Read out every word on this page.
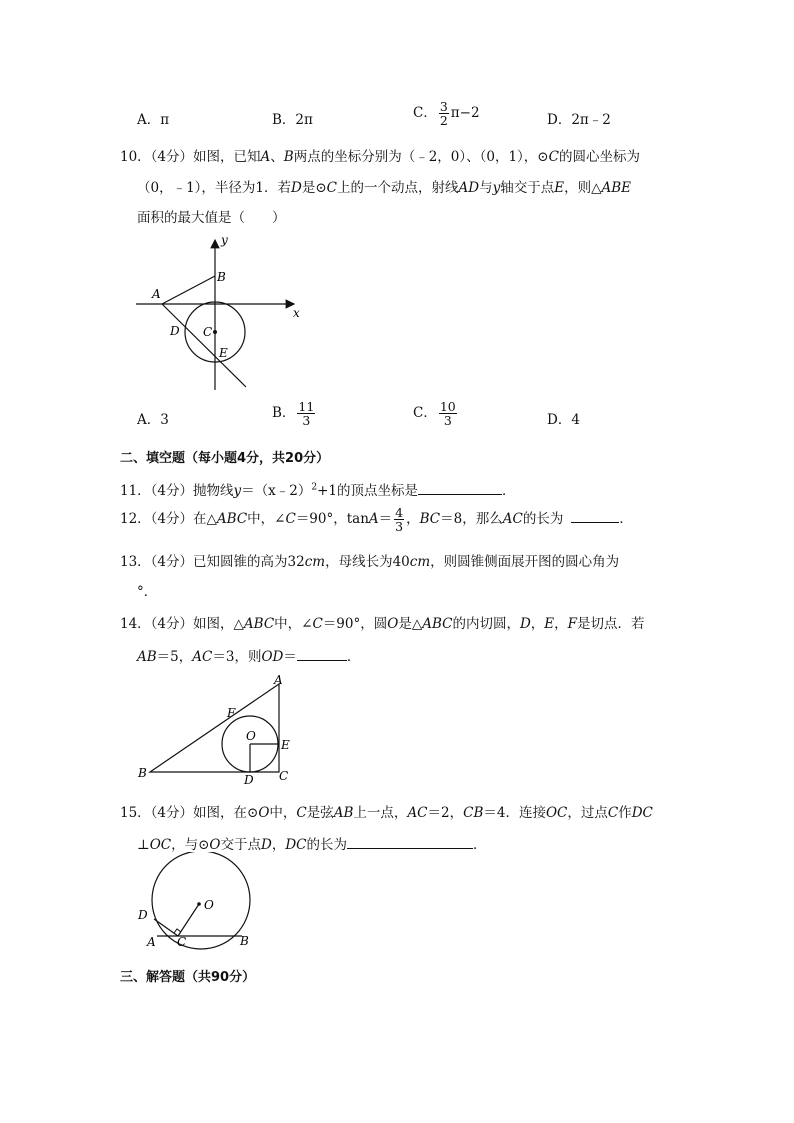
A．π	B．2π	C． $\frac{3}{2} \pi-2$	D．2π﹣2
10．（4分）如图，已知A、B两点的坐标分别为（﹣2，0）、（0，1），⊙C的圆心坐标为
（0，﹣1），半径为1．若D是⊙C上的一个动点，射线AD与y轴交于点E，则△ABE
面积的最大值是（　　）
y
x
A
B
C
D
E
A．3	B． $\frac{11}{3}$	C． $\frac{10}{3}$	D．4
二、填空题（每小题4分，共20分）
11．（4分）抛物线y＝（x﹣2）$^2$+1的顶点坐标是	．
12．（4分）在△ABC中，∠C＝90°，$\tan A= \frac{4}{3}$ ，BC＝8，那么AC的长为	．
13．（4分）已知圆锥的高为32cm，母线长为40cm，则圆锥侧面展开图的圆心角为
°．
14．（4分）如图，△ABC中，∠C＝90°，圆O是△ABC的内切圆，D，E，F是切点．若
AB＝5，AC＝3，则OD＝	．
A
B	C
D
E
F
O
15．（4分）如图，在⊙O中，C是弦AB上一点，AC＝2，CB＝4．连接OC，过点C作DC
⊥OC，与⊙O交于点D，DC的长为	．
O
D
A C	B
三、解答题（共90分）
